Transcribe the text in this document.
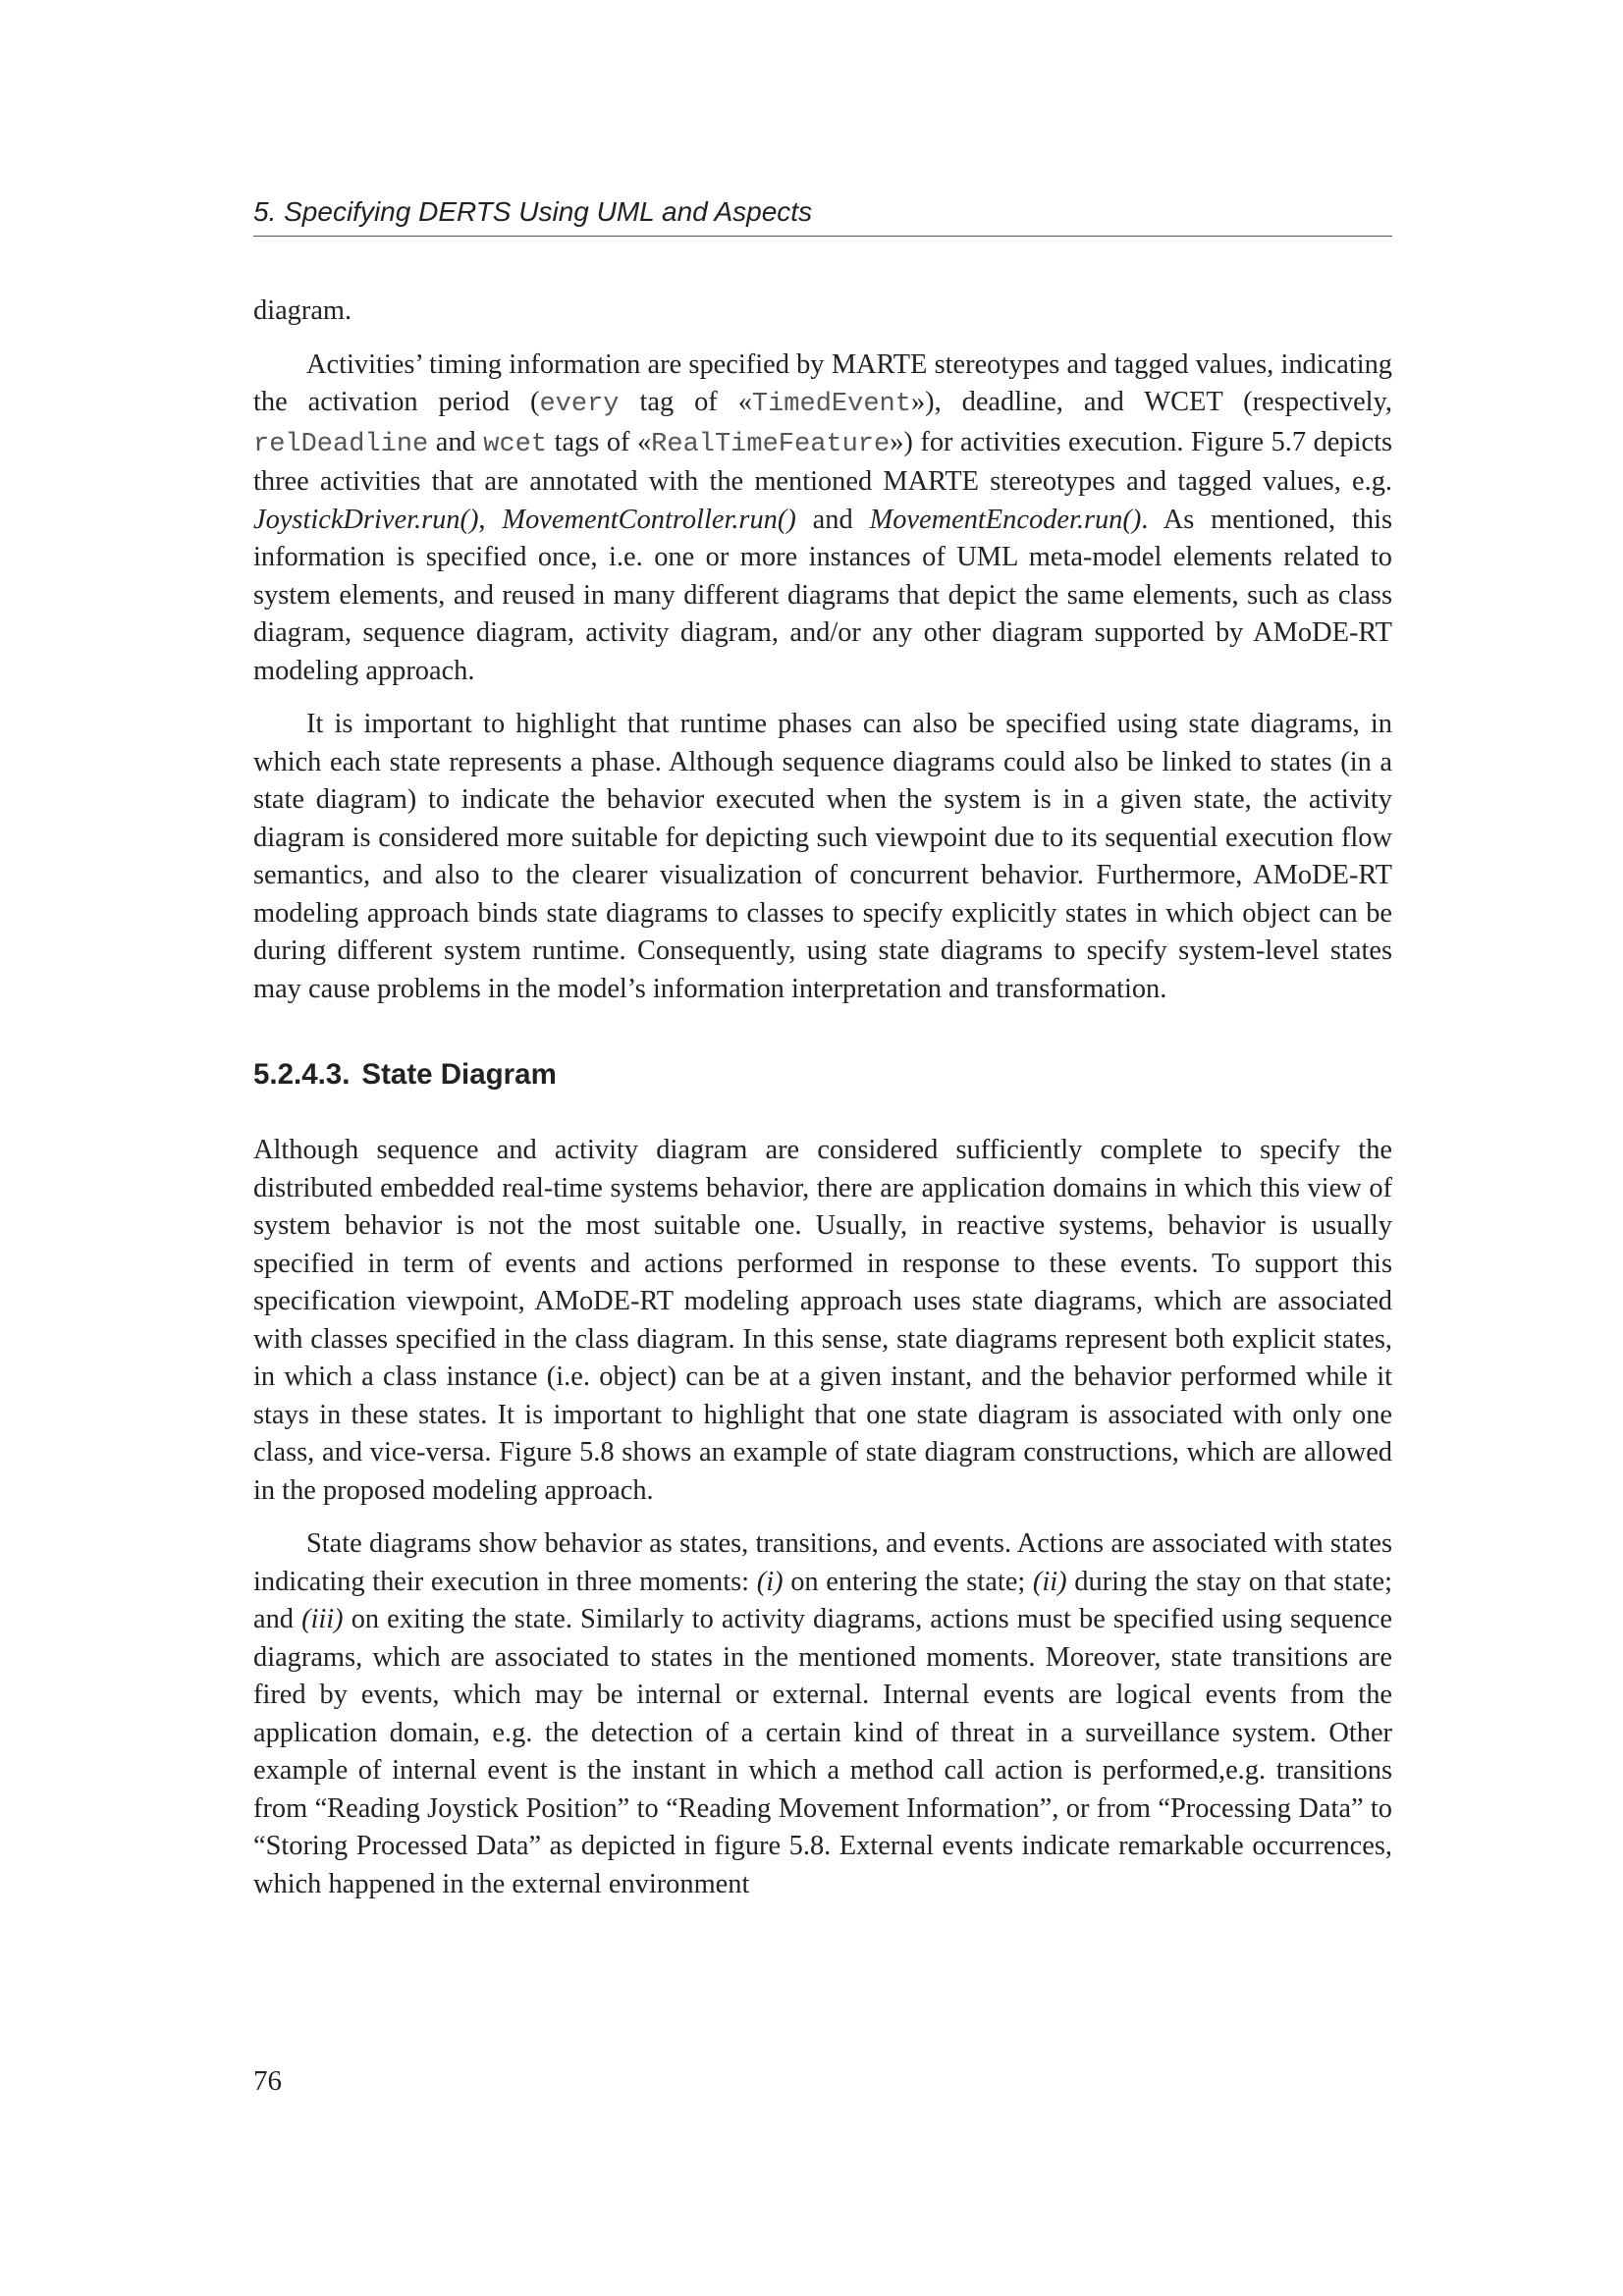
5. Specifying DERTS Using UML and Aspects

diagram.

Activities’ timing information are specified by MARTE stereotypes and tagged values, indicating the activation period (every tag of «TimedEvent»), deadline, and WCET (respectively, relDeadline and wcet tags of «RealTimeFeature») for activities execution. Figure 5.7 depicts three activities that are annotated with the mentioned MARTE stereotypes and tagged values, e.g. JoystickDriver.run(), MovementController.run() and MovementEncoder.run(). As mentioned, this information is specified once, i.e. one or more instances of UML meta-model elements related to system elements, and reused in many different diagrams that depict the same elements, such as class diagram, sequence diagram, activity diagram, and/or any other diagram supported by AMoDE-RT modeling approach.

It is important to highlight that runtime phases can also be specified using state diagrams, in which each state represents a phase. Although sequence diagrams could also be linked to states (in a state diagram) to indicate the behavior executed when the system is in a given state, the activity diagram is considered more suitable for depicting such viewpoint due to its sequential execution flow semantics, and also to the clearer visualization of concurrent behavior. Furthermore, AMoDE-RT modeling approach binds state diagrams to classes to specify explicitly states in which object can be during different system runtime. Consequently, using state diagrams to specify system-level states may cause problems in the model’s information interpretation and transformation.

5.2.4.3. State Diagram

Although sequence and activity diagram are considered sufficiently complete to specify the distributed embedded real-time systems behavior, there are application domains in which this view of system behavior is not the most suitable one. Usually, in reactive systems, behavior is usually specified in term of events and actions performed in response to these events. To support this specification viewpoint, AMoDE-RT modeling approach uses state diagrams, which are associated with classes specified in the class diagram. In this sense, state diagrams represent both explicit states, in which a class instance (i.e. object) can be at a given instant, and the behavior performed while it stays in these states. It is important to highlight that one state diagram is associated with only one class, and vice-versa. Figure 5.8 shows an example of state diagram constructions, which are allowed in the proposed modeling approach.

State diagrams show behavior as states, transitions, and events. Actions are associated with states indicating their execution in three moments: (i) on entering the state; (ii) during the stay on that state; and (iii) on exiting the state. Similarly to activity diagrams, actions must be specified using sequence diagrams, which are associated to states in the mentioned moments. Moreover, state transitions are fired by events, which may be internal or external. Internal events are logical events from the application domain, e.g. the detection of a certain kind of threat in a surveillance system. Other example of internal event is the instant in which a method call action is performed,e.g. transitions from “Reading Joystick Position” to “Reading Movement Information”, or from “Processing Data” to “Storing Processed Data” as depicted in figure 5.8. External events indicate remarkable occurrences, which happened in the external environment

76
